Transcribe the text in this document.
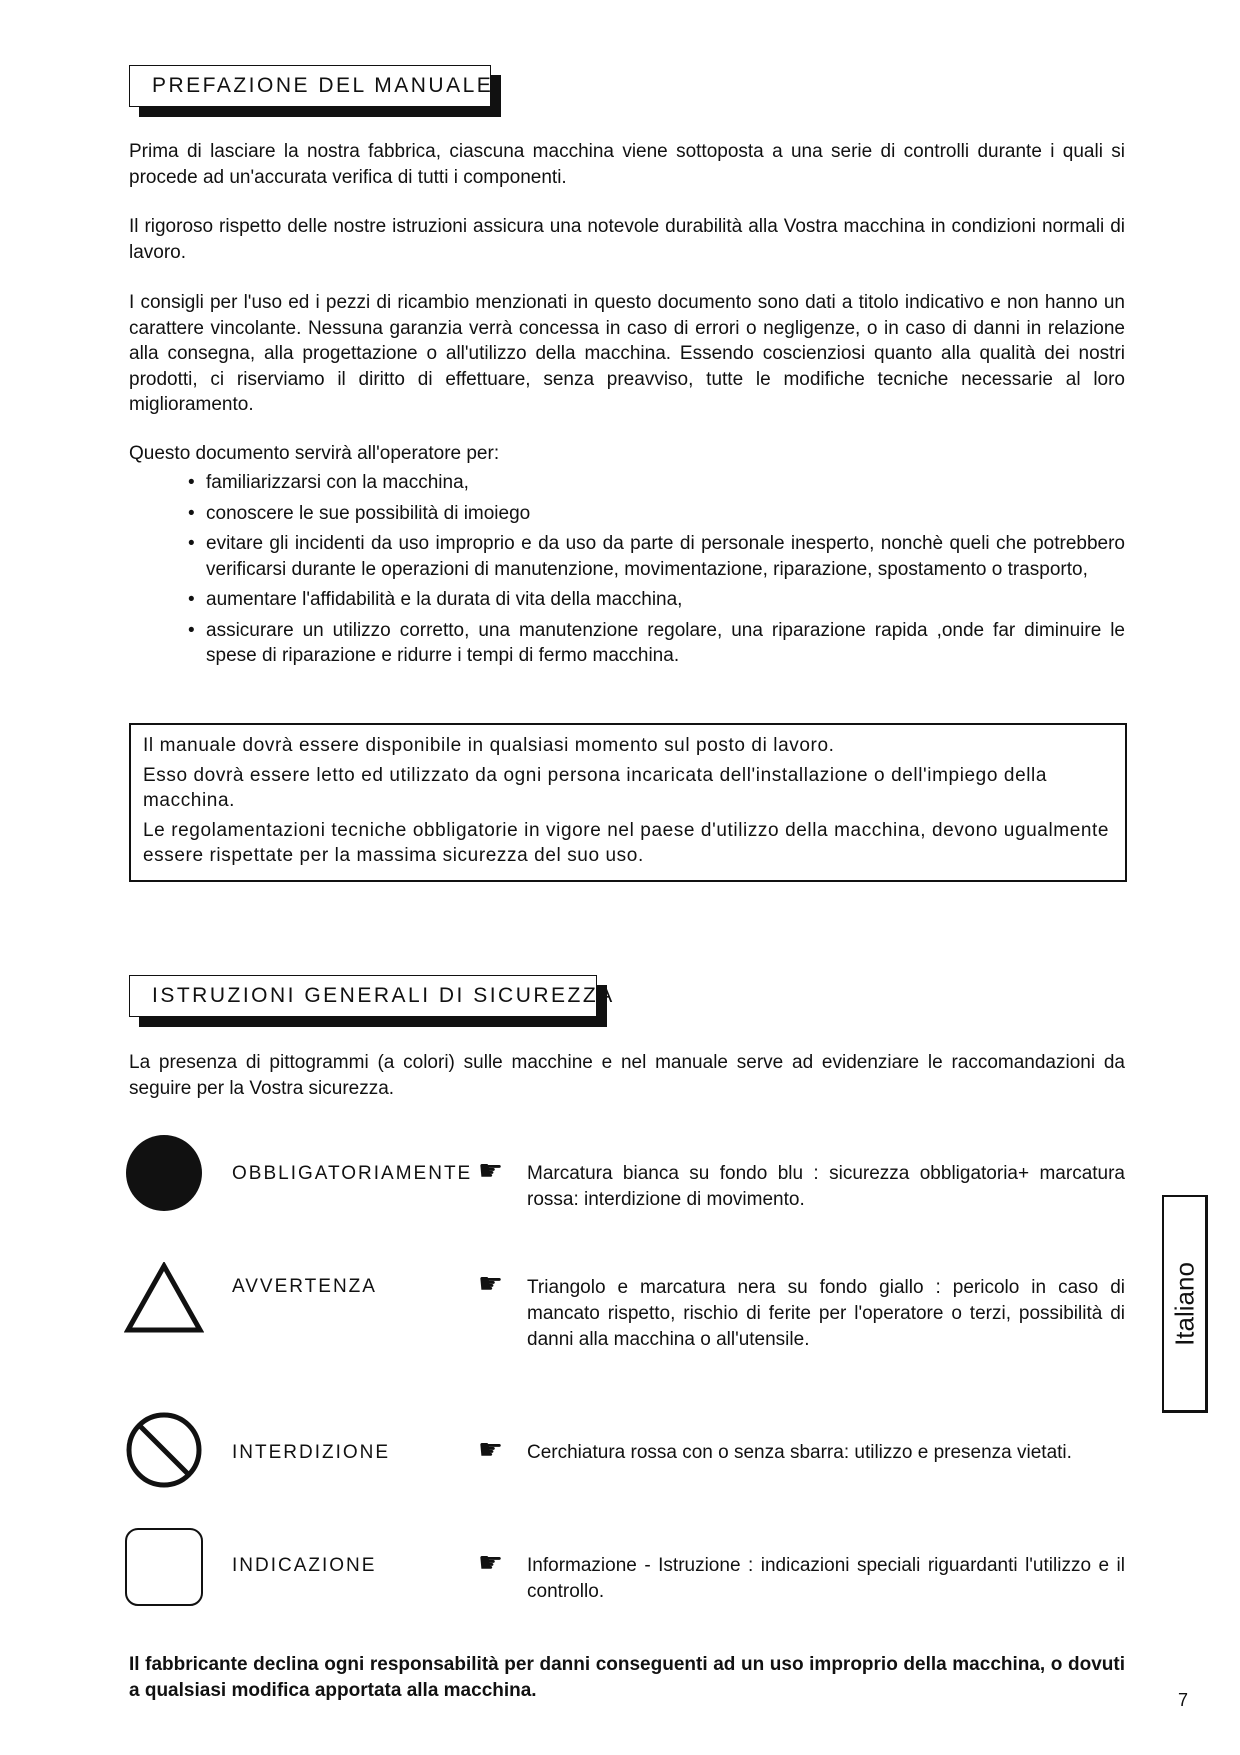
PREFAZIONE DEL MANUALE

Prima di lasciare la nostra fabbrica, ciascuna macchina viene sottoposta a una serie di controlli durante i quali si procede ad un'accurata verifica di tutti i componenti.

Il rigoroso rispetto delle nostre istruzioni assicura una notevole durabilità alla Vostra macchina in condizioni normali di lavoro.

I consigli per l'uso ed i pezzi di ricambio menzionati in questo documento sono dati a titolo indicativo e non hanno un carattere vincolante. Nessuna garanzia verrà concessa in caso di errori o negligenze, o in caso di danni in relazione alla consegna, alla progettazione o all'utilizzo della macchina. Essendo coscienziosi quanto alla qualità dei nostri prodotti, ci riserviamo il diritto di effettuare, senza preavviso, tutte le modifiche tecniche necessarie al loro miglioramento.

Questo documento servirà all'operatore per:

• familiarizzarsi con la macchina,
• conoscere le sue possibilità di imoiego
• evitare gli incidenti da uso improprio e da uso da parte di personale inesperto, nonchè queli che potrebbero verificarsi durante le operazioni di manutenzione, movimentazione, riparazione, spostamento o trasporto,
• aumentare l'affidabilità e la durata di vita della macchina,
• assicurare un utilizzo corretto, una manutenzione regolare, una riparazione rapida ,onde far diminuire le spese di riparazione e ridurre i tempi di fermo macchina.

Il manuale dovrà essere disponibile in qualsiasi momento sul posto di lavoro.

Esso dovrà essere letto ed utilizzato da ogni persona incaricata dell'installazione o dell'impiego della macchina.

Le regolamentazioni tecniche obbligatorie in vigore nel paese d'utilizzo della macchina, devono ugualmente essere rispettate per la massima sicurezza del suo uso.

ISTRUZIONI GENERALI DI SICUREZZA

La presenza di pittogrammi (a colori) sulle macchine e nel manuale serve ad evidenziare le raccomandazioni da seguire per la Vostra sicurezza.

OBBLIGATORIAMENTE ☛ Marcatura bianca su fondo blu : sicurezza obbligatoria+ marcatura rossa: interdizione di movimento.

AVVERTENZA	☛ Triangolo e marcatura nera su fondo giallo : pericolo in caso di mancato rispetto, rischio di ferite per l'operatore o terzi, possibilità di danni alla macchina o all'utensile.

INTERDIZIONE	☛ Cerchiatura rossa con o senza sbarra: utilizzo e presenza vietati.

INDICAZIONE	☛ Informazione - Istruzione : indicazioni speciali riguardanti l'utilizzo e il controllo.

Il fabbricante declina ogni responsabilità per danni conseguenti ad un uso improprio della macchina, o dovuti a qualsiasi modifica apportata alla macchina.

Italiano
7
